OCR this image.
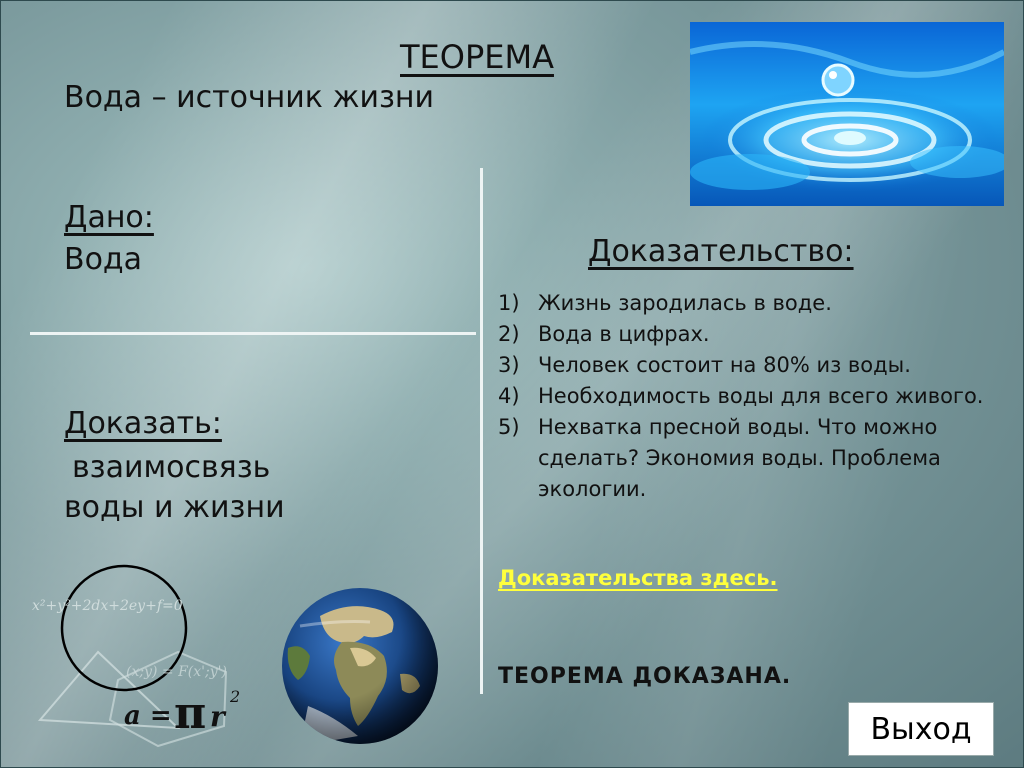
ТЕОРЕМА
Вода – источник жизни
Дано:
Вода
Доказать:
взаимосвязь
воды и жизни
Доказательство:
1) Жизнь зародилась в воде.
2) Вода в цифрах.
3) Человек состоит на 80% из воды.
4) Необходимость воды для всего живого.
5) Нехватка пресной воды. Что можно сделать? Экономия воды. Проблема экологии.
Доказательства здесь.
ТЕОРЕМА ДОКАЗАНА.
x²+y²+2dx+2ey+f=0
(x;y) = F(x';y')
a = π r
2
Выход
